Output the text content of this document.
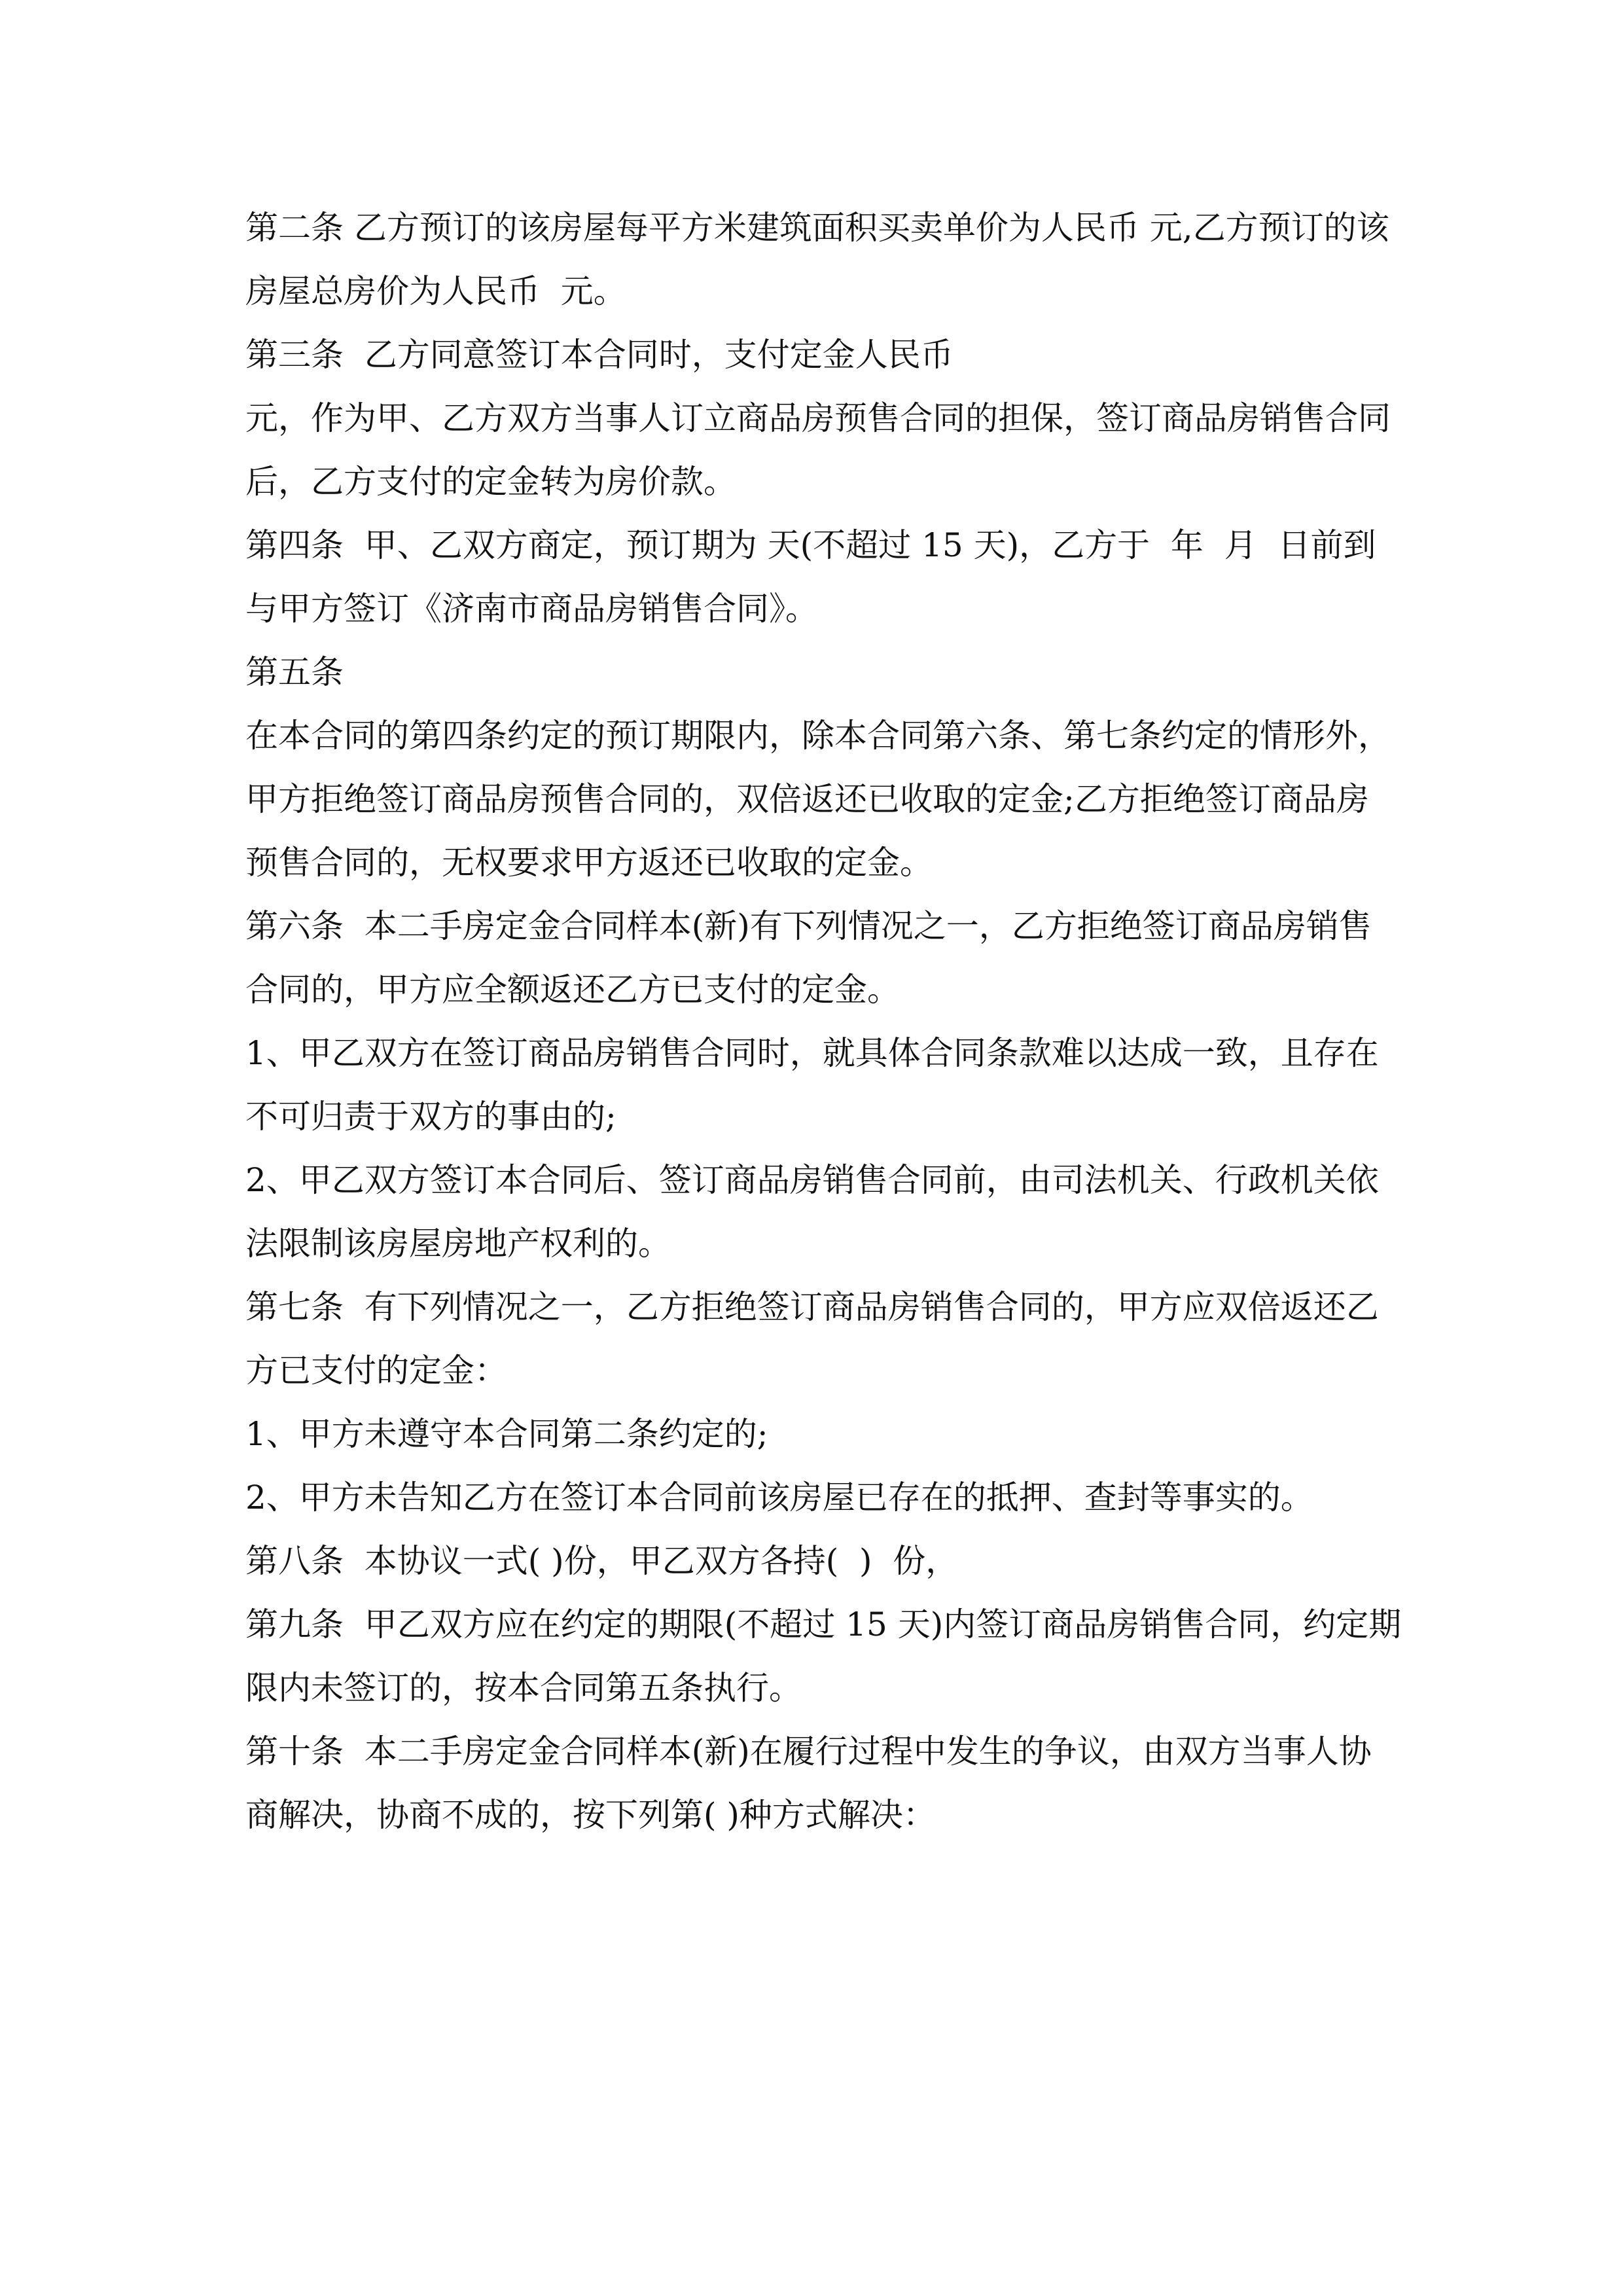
第二条 乙方预订的该房屋每平方米建筑面积买卖单价为人民币 元,乙方预订的该
房屋总房价为人民币  元。
第三条  乙方同意签订本合同时，支付定金人民币
元，作为甲、乙方双方当事人订立商品房预售合同的担保，签订商品房销售合同
后，乙方支付的定金转为房价款。
第四条  甲、乙双方商定，预订期为 天(不超过 15 天)，乙方于  年  月  日前到
与甲方签订《济南市商品房销售合同》。
第五条
在本合同的第四条约定的预订期限内，除本合同第六条、第七条约定的情形外，
甲方拒绝签订商品房预售合同的，双倍返还已收取的定金;乙方拒绝签订商品房
预售合同的，无权要求甲方返还已收取的定金。
第六条  本二手房定金合同样本(新)有下列情况之一，乙方拒绝签订商品房销售
合同的，甲方应全额返还乙方已支付的定金。
1、甲乙双方在签订商品房销售合同时，就具体合同条款难以达成一致，且存在
不可归责于双方的事由的;
2、甲乙双方签订本合同后、签订商品房销售合同前，由司法机关、行政机关依
法限制该房屋房地产权利的。
第七条  有下列情况之一，乙方拒绝签订商品房销售合同的，甲方应双倍返还乙
方已支付的定金：
1、甲方未遵守本合同第二条约定的;
2、甲方未告知乙方在签订本合同前该房屋已存在的抵押、查封等事实的。
第八条  本协议一式( )份，甲乙双方各持(  )  份，
第九条  甲乙双方应在约定的期限(不超过 15 天)内签订商品房销售合同，约定期
限内未签订的，按本合同第五条执行。
第十条  本二手房定金合同样本(新)在履行过程中发生的争议，由双方当事人协
商解决，协商不成的，按下列第( )种方式解决：
